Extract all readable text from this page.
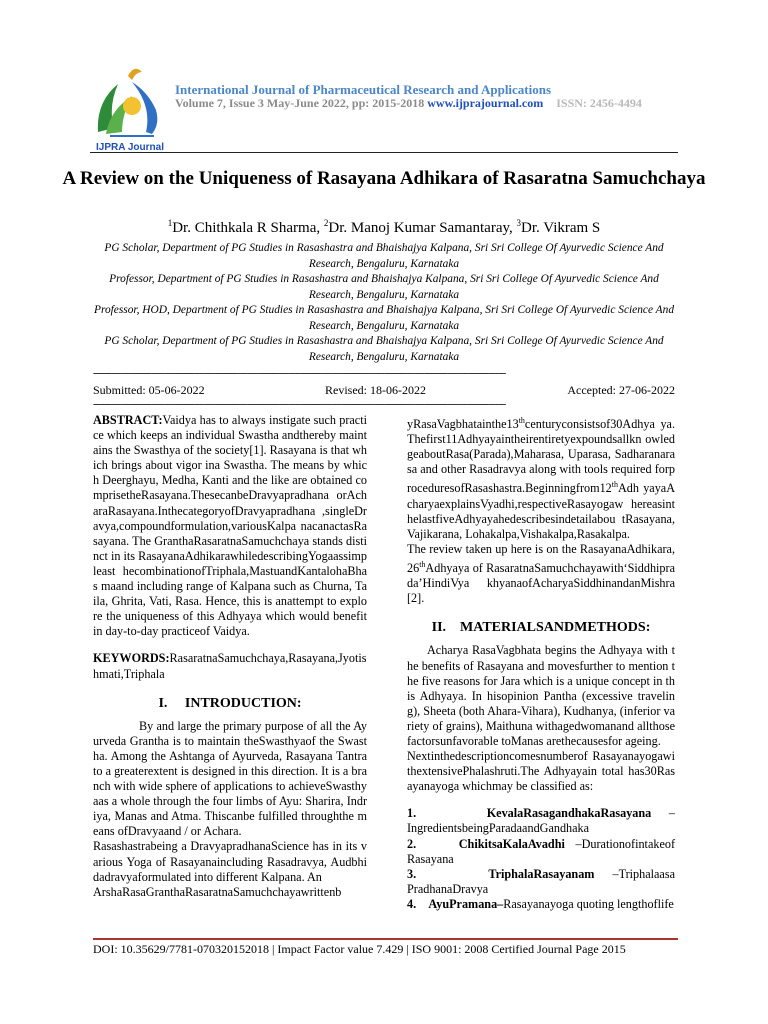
IJPRA Journal
International Journal of Pharmaceutical Research and Applications
Volume 7, Issue 3 May-June 2022, pp: 2015-2018 www.ijprajournal.com ISSN: 2456-4494
A Review on the Uniqueness of Rasayana Adhikara of Rasaratna Samuchchaya
$^1$Dr. Chithkala R Sharma, $^2$Dr. Manoj Kumar Samantaray, $^3$Dr. Vikram S
PG Scholar, Department of PG Studies in Rasashastra and Bhaishajya Kalpana, Sri Sri College Of Ayurvedic Science And Research, Bengaluru, Karnataka
Professor, Department of PG Studies in Rasashastra and Bhaishajya Kalpana, Sri Sri College Of Ayurvedic Science And Research, Bengaluru, Karnataka
Professor, HOD, Department of PG Studies in Rasashastra and Bhaishajya Kalpana, Sri Sri College Of Ayurvedic Science And Research, Bengaluru, Karnataka
PG Scholar, Department of PG Studies in Rasashastra and Bhaishajya Kalpana, Sri Sri College Of Ayurvedic Science And Research, Bengaluru, Karnataka
-------------------------------------------------------------------------------------------------------------------------------------------------------------------
Submitted: 05-06-2022	Revised: 18-06-2022	Accepted: 27-06-2022
-------------------------------------------------------------------------------------------------------------------------------------------------------------------

ABSTRACT:Vaidya has to always instigate such practice which keeps an individual Swastha andthereby maintains the Swasthya of the society[1]. Rasayana is that which brings about vigor ina Swastha. The means by which Deerghayu, Medha, Kanti and the like are obtained comprisetheRasayana.ThesecanbeDravyapradhana orAcharaRasayana.InthecategoryofDravyapradhana ,singleDravya,compoundformulation,variousKalpa nacanactasRasayana. The GranthaRasaratnaSamuchchaya stands distinct in its RasayanaAdhikarawhiledescribingYogaassimpleast hecombinationofTriphala,MastuandKantalohaBhas maand including range of Kalpana such as Churna, Taila, Ghrita, Vati, Rasa. Hence, this is anattempt to explore the uniqueness of this Adhyaya which would benefit in day-to-day practiceof Vaidya.

KEYWORDS:RasaratnaSamuchchaya,Rasayana,Jyotishmati,Triphala

I.     INTRODUCTION:

By and large the primary purpose of all the Ayurveda Grantha is to maintain theSwasthyaof the Swastha. Among the Ashtanga of Ayurveda, Rasayana Tantra to a greaterextent is designed in this direction. It is a branch with wide sphere of applications to achieveSwasthyaas a whole through the four limbs of Ayu: Sharira, Indriya, Manas and Atma. Thiscanbe fulfilled throughthe means ofDravyaand / or Achara.

Rasashastrabeing a DravyapradhanaScience has in its various Yoga of Rasayanaincluding Rasadravya, Audbhidadravyaformulated into different Kalpana. An

ArshaRasaGranthaRasaratnaSamuchchayawrittenb

yRasaVagbhatainthe13thcenturyconsistsof30Adhya ya.Thefirst11Adhyayaintheirentiretyexpoundsallkn owledgeaboutRasa(Parada),Maharasa, Uparasa, Sadharanarasa and other Rasadravya along with tools required forproceduresofRasashastra.Beginningfrom12thAdh yayaAcharyaexplainsVyadhi,respectiveRasayogaw hereasinthelastfiveAdhyayahedescribesindetailabou tRasayana,Vajikarana, Lohakalpa,Vishakalpa,Rasakalpa.

The review taken up here is on the RasayanaAdhikara, 26thAdhyaya of RasaratnaSamuchchayawith‘Siddhiprada’HindiVya khyanaofAcharyaSiddhinandanMishra[2].

II.    MATERIALSANDMETHODS:

Acharya RasaVagbhata begins the Adhyaya with the benefits of Rasayana and movesfurther to mention the five reasons for Jara which is a unique concept in this Adhyaya. In hisopinion Pantha (excessive traveling), Sheeta (both Ahara-Vihara), Kudhanya, (inferior variety of grains), Maithuna withagedwomanand allthose factorsunfavorable toManas arethecausesfor ageing.

Nextinthedescriptioncomesnumberof RasayanayogawithextensivePhalashruti.The Adhyayain total has30Rasayanayoga whichmay be classified as:

1.	KevalaRasagandhakaRasayana – IngredientsbeingParadaandGandhaka

2.	ChikitsaKalaAvadhi –Durationofintakeof Rasayana

3.	TriphalaRasayanam –Triphalaasa PradhanaDravya

4. AyuPramana–Rasayanayoga quoting lengthoflife

DOI: 10.35629/7781-070320152018 | Impact Factor value 7.429 | ISO 9001: 2008 Certified Journal Page 2015
